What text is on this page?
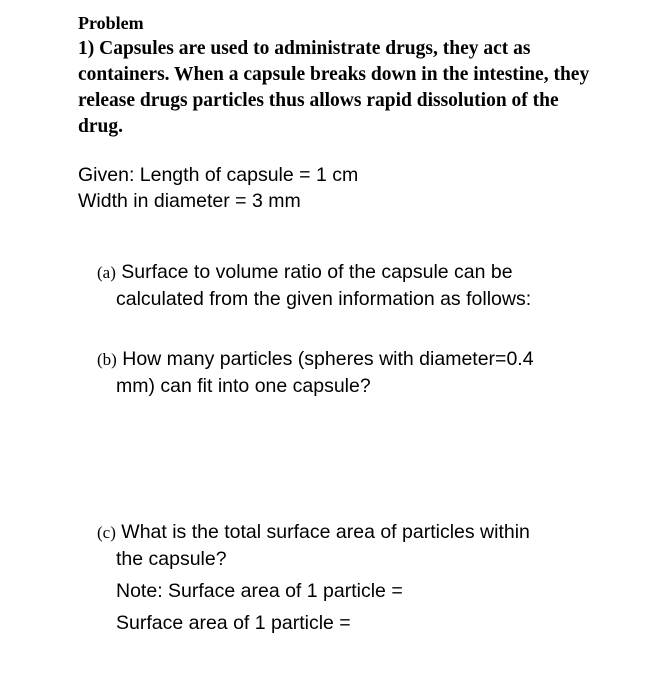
Problem
1) Capsules are used to administrate drugs, they act as containers. When a capsule breaks down in the intestine, they release drugs particles thus allows rapid dissolution of the drug.
Given: Length of capsule = 1 cm
Width in diameter = 3 mm
(a) Surface to volume ratio of the capsule can be
calculated from the given information as follows:
(b) How many particles (spheres with diameter=0.4
mm) can fit into one capsule?
(c) What is the total surface area of particles within
the capsule?
Note: Surface area of 1 particle =
Surface area of 1 particle =
